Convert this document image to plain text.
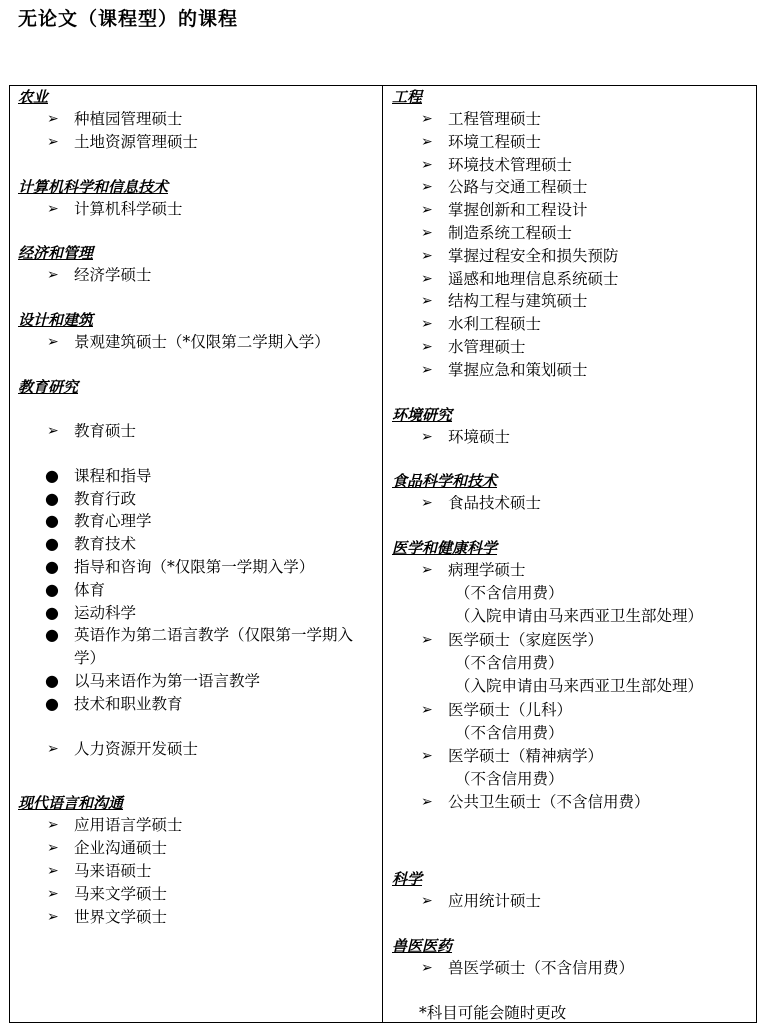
无论文（课程型）的课程
农业
➢ 种植园管理硕士
➢ 土地资源管理硕士
计算机科学和信息技术
➢ 计算机科学硕士
经济和管理
➢ 经济学硕士
设计和建筑
➢ 景观建筑硕士（*仅限第二学期入学）
教育研究
➢ 教育硕士
● 课程和指导
● 教育行政
● 教育心理学
● 教育技术
● 指导和咨询（*仅限第一学期入学）
● 体育
● 运动科学
● 英语作为第二语言教学（仅限第一学期入学）
● 以马来语作为第一语言教学
● 技术和职业教育
➢ 人力资源开发硕士
现代语言和沟通
➢ 应用语言学硕士
➢ 企业沟通硕士
➢ 马来语硕士
➢ 马来文学硕士
➢ 世界文学硕士
工程
➢ 工程管理硕士
➢ 环境工程硕士
➢ 环境技术管理硕士
➢ 公路与交通工程硕士
➢ 掌握创新和工程设计
➢ 制造系统工程硕士
➢ 掌握过程安全和损失预防
➢ 遥感和地理信息系统硕士
➢ 结构工程与建筑硕士
➢ 水利工程硕士
➢ 水管理硕士
➢ 掌握应急和策划硕士
环境研究
➢ 环境硕士
食品科学和技术
➢ 食品技术硕士
医学和健康科学
➢ 病理学硕士
（不含信用费）
（入院申请由马来西亚卫生部处理）
➢ 医学硕士（家庭医学）
（不含信用费）
（入院申请由马来西亚卫生部处理）
➢ 医学硕士（儿科）
（不含信用费）
➢ 医学硕士（精神病学）
（不含信用费）
➢ 公共卫生硕士（不含信用费）
科学
➢ 应用统计硕士
兽医医药
➢ 兽医学硕士（不含信用费）
*科目可能会随时更改
